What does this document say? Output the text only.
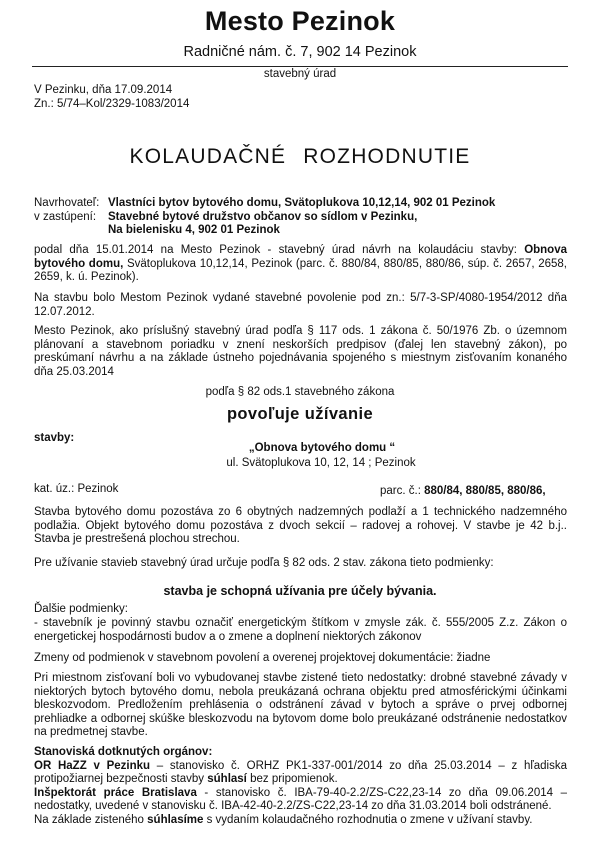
Mesto Pezinok
Radničné nám. č. 7, 902 14 Pezinok
stavebný úrad
V Pezinku, dňa 17.09.2014
Zn.: 5/74–Kol/2329-1083/2014
KOLAUDAČNÉ ROZHODNUTIE
Navrhovateľ: Vlastníci bytov bytového domu, Svätoplukova 10,12,14, 902 01 Pezinok
v zastúpení: Stavebné bytové družstvo občanov so sídlom v Pezinku,
Na bielenisku 4, 902 01 Pezinok
podal dňa 15.01.2014 na Mesto Pezinok - stavebný úrad návrh na kolaudáciu stavby: Obnova bytového domu, Svätoplukova 10,12,14, Pezinok (parc. č. 880/84, 880/85, 880/86, súp. č. 2657, 2658, 2659, k. ú. Pezinok).
Na stavbu bolo Mestom Pezinok vydané stavebné povolenie pod zn.: 5/7-3-SP/4080-1954/2012 dňa 12.07.2012.
Mesto Pezinok, ako príslušný stavebný úrad podľa § 117 ods. 1 zákona č. 50/1976 Zb. o územnom plánovaní a stavebnom poriadku v znení neskorších predpisov (ďalej len stavebný zákon), po preskúmaní návrhu a na základe ústneho pojednávania spojeného s miestnym zisťovaním konaného dňa 25.03.2014
podľa § 82 ods.1 stavebného zákona
povoľuje užívanie
stavby:
„Obnova bytového domu “
ul. Svätoplukova 10, 12, 14 ; Pezinok
kat. úz.: Pezinok	parc. č.: 880/84, 880/85, 880/86,
Stavba bytového domu pozostáva zo 6 obytných nadzemných podlaží a 1 technického nadzemného podlažia. Objekt bytového domu pozostáva z dvoch sekcií – radovej a rohovej. V stavbe je 42 b.j.. Stavba je prestrešená plochou strechou.
Pre užívanie stavieb stavebný úrad určuje podľa § 82 ods. 2 stav. zákona tieto podmienky:
stavba je schopná užívania pre účely bývania.
Ďalšie podmienky:
- stavebník je povinný stavbu označiť energetickým štítkom v zmysle zák. č. 555/2005 Z.z. Zákon o energetickej hospodárnosti budov a o zmene a doplnení niektorých zákonov
Zmeny od podmienok v stavebnom povolení a overenej projektovej dokumentácie: žiadne
Pri miestnom zisťovaní boli vo vybudovanej stavbe zistené tieto nedostatky: drobné stavebné závady v niektorých bytoch bytového domu, nebola preukázaná ochrana objektu pred atmosférickými účinkami bleskozvodom. Predložením prehlásenia o odstránení závad v bytoch a správe o prvej odbornej prehliadke a odbornej skúške bleskozvodu na bytovom dome bolo preukázané odstránenie nedostatkov na predmetnej stavbe.
Stanoviská dotknutých orgánov:
OR HaZZ v Pezinku – stanovisko č. ORHZ PK1-337-001/2014 zo dňa 25.03.2014 – z hľadiska protipožiarnej bezpečnosti stavby súhlasí bez pripomienok.
Inšpektorát práce Bratislava - stanovisko č. IBA-79-40-2.2/ZS-C22,23-14 zo dňa 09.06.2014 – nedostatky, uvedené v stanovisku č. IBA-42-40-2.2/ZS-C22,23-14 zo dňa 31.03.2014 boli odstránené.
Na základe zisteného súhlasíme s vydaním kolaudačného rozhodnutia o zmene v užívaní stavby.
